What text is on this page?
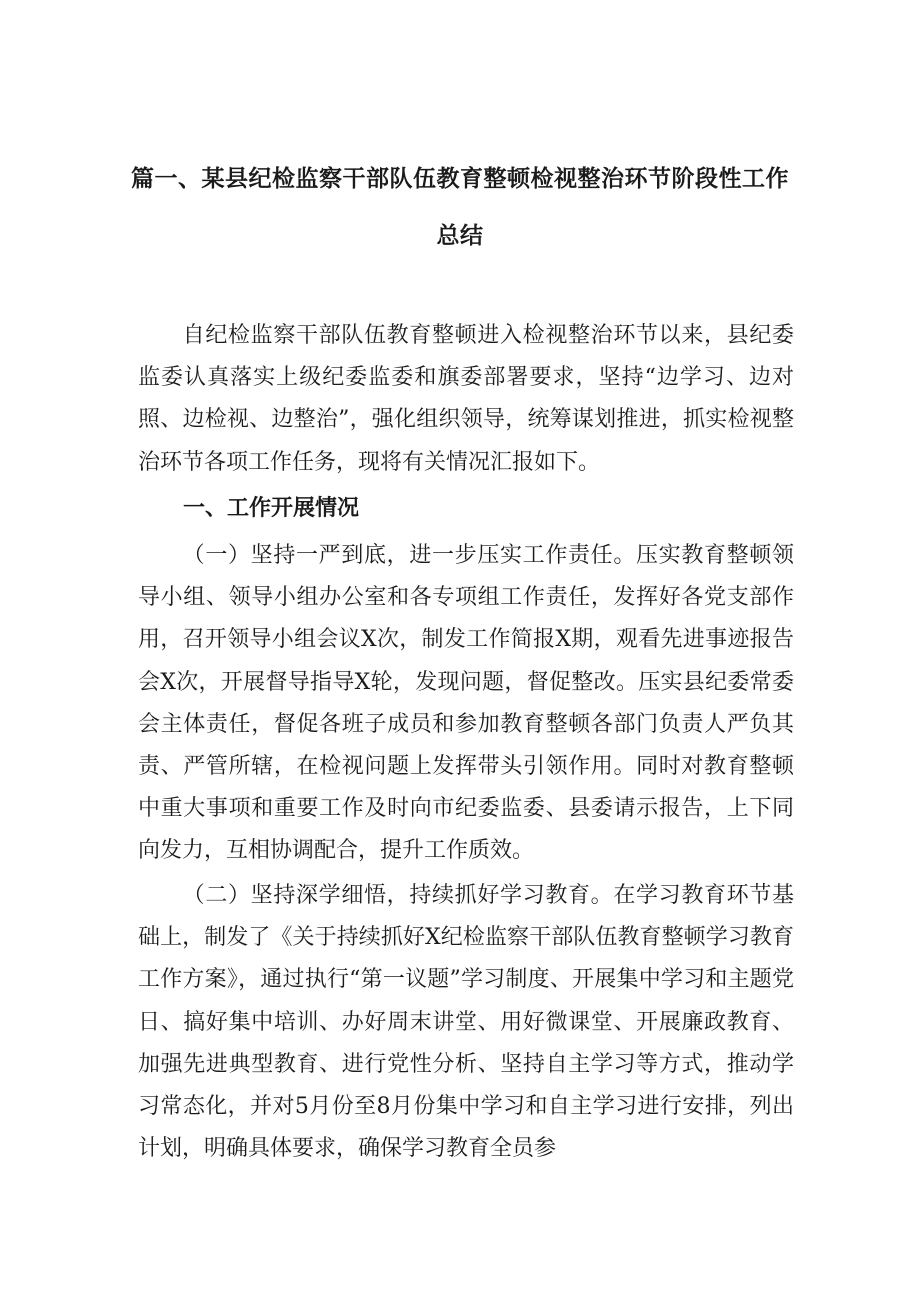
篇一、某县纪检监察干部队伍教育整顿检视整治环节阶段性工作
总结

自纪检监察干部队伍教育整顿进入检视整治环节以来，县纪委监委认真落实上级纪委监委和旗委部署要求，坚持“边学习、边对照、边检视、边整治”，强化组织领导，统筹谋划推进，抓实检视整治环节各项工作任务，现将有关情况汇报如下。

一、工作开展情况

（一）坚持一严到底，进一步压实工作责任。压实教育整顿领导小组、领导小组办公室和各专项组工作责任，发挥好各党支部作用，召开领导小组会议X次，制发工作简报X期，观看先进事迹报告会X次，开展督导指导X轮，发现问题，督促整改。压实县纪委常委会主体责任，督促各班子成员和参加教育整顿各部门负责人严负其责、严管所辖，在检视问题上发挥带头引领作用。同时对教育整顿中重大事项和重要工作及时向市纪委监委、县委请示报告，上下同向发力，互相协调配合，提升工作质效。

（二）坚持深学细悟，持续抓好学习教育。在学习教育环节基础上，制发了《关于持续抓好X纪检监察干部队伍教育整顿学习教育工作方案》，通过执行“第一议题”学习制度、开展集中学习和主题党日、搞好集中培训、办好周末讲堂、用好微课堂、开展廉政教育、加强先进典型教育、进行党性分析、坚持自主学习等方式，推动学习常态化，并对5月份至8月份集中学习和自主学习进行安排，列出计划，明确具体要求，确保学习教育全员参
